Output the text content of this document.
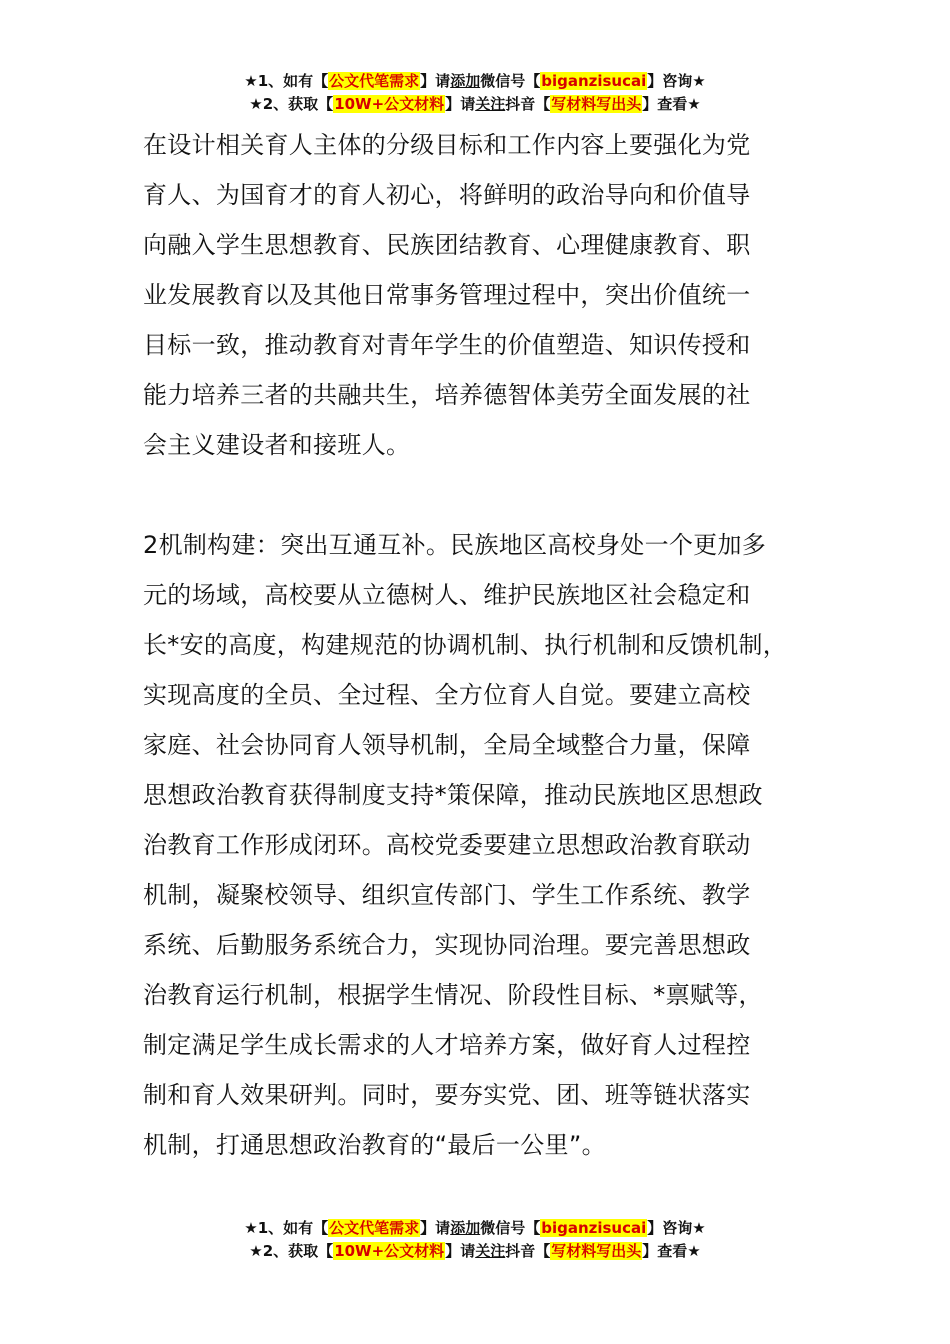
★1、如有【公文代笔需求】请添加微信号【biganzisucai】咨询★
★2、获取【10W+公文材料】请关注抖音【写材料写出头】查看★
在设计相关育人主体的分级目标和工作内容上要强化为党
育人、为国育才的育人初心，将鲜明的政治导向和价值导
向融入学生思想教育、民族团结教育、心理健康教育、职
业发展教育以及其他日常事务管理过程中，突出价值统一
目标一致，推动教育对青年学生的价值塑造、知识传授和
能力培养三者的共融共生，培养德智体美劳全面发展的社
会主义建设者和接班人。
2机制构建：突出互通互补。民族地区高校身处一个更加多
元的场域，高校要从立德树人、维护民族地区社会稳定和
长*安的高度，构建规范的协调机制、执行机制和反馈机制，
实现高度的全员、全过程、全方位育人自觉。要建立高校
家庭、社会协同育人领导机制，全局全域整合力量，保障
思想政治教育获得制度支持*策保障，推动民族地区思想政
治教育工作形成闭环。高校党委要建立思想政治教育联动
机制，凝聚校领导、组织宣传部门、学生工作系统、教学
系统、后勤服务系统合力，实现协同治理。要完善思想政
治教育运行机制，根据学生情况、阶段性目标、*禀赋等，
制定满足学生成长需求的人才培养方案，做好育人过程控
制和育人效果研判。同时，要夯实党、团、班等链状落实
机制，打通思想政治教育的“最后一公里”。
★1、如有【公文代笔需求】请添加微信号【biganzisucai】咨询★
★2、获取【10W+公文材料】请关注抖音【写材料写出头】查看★
